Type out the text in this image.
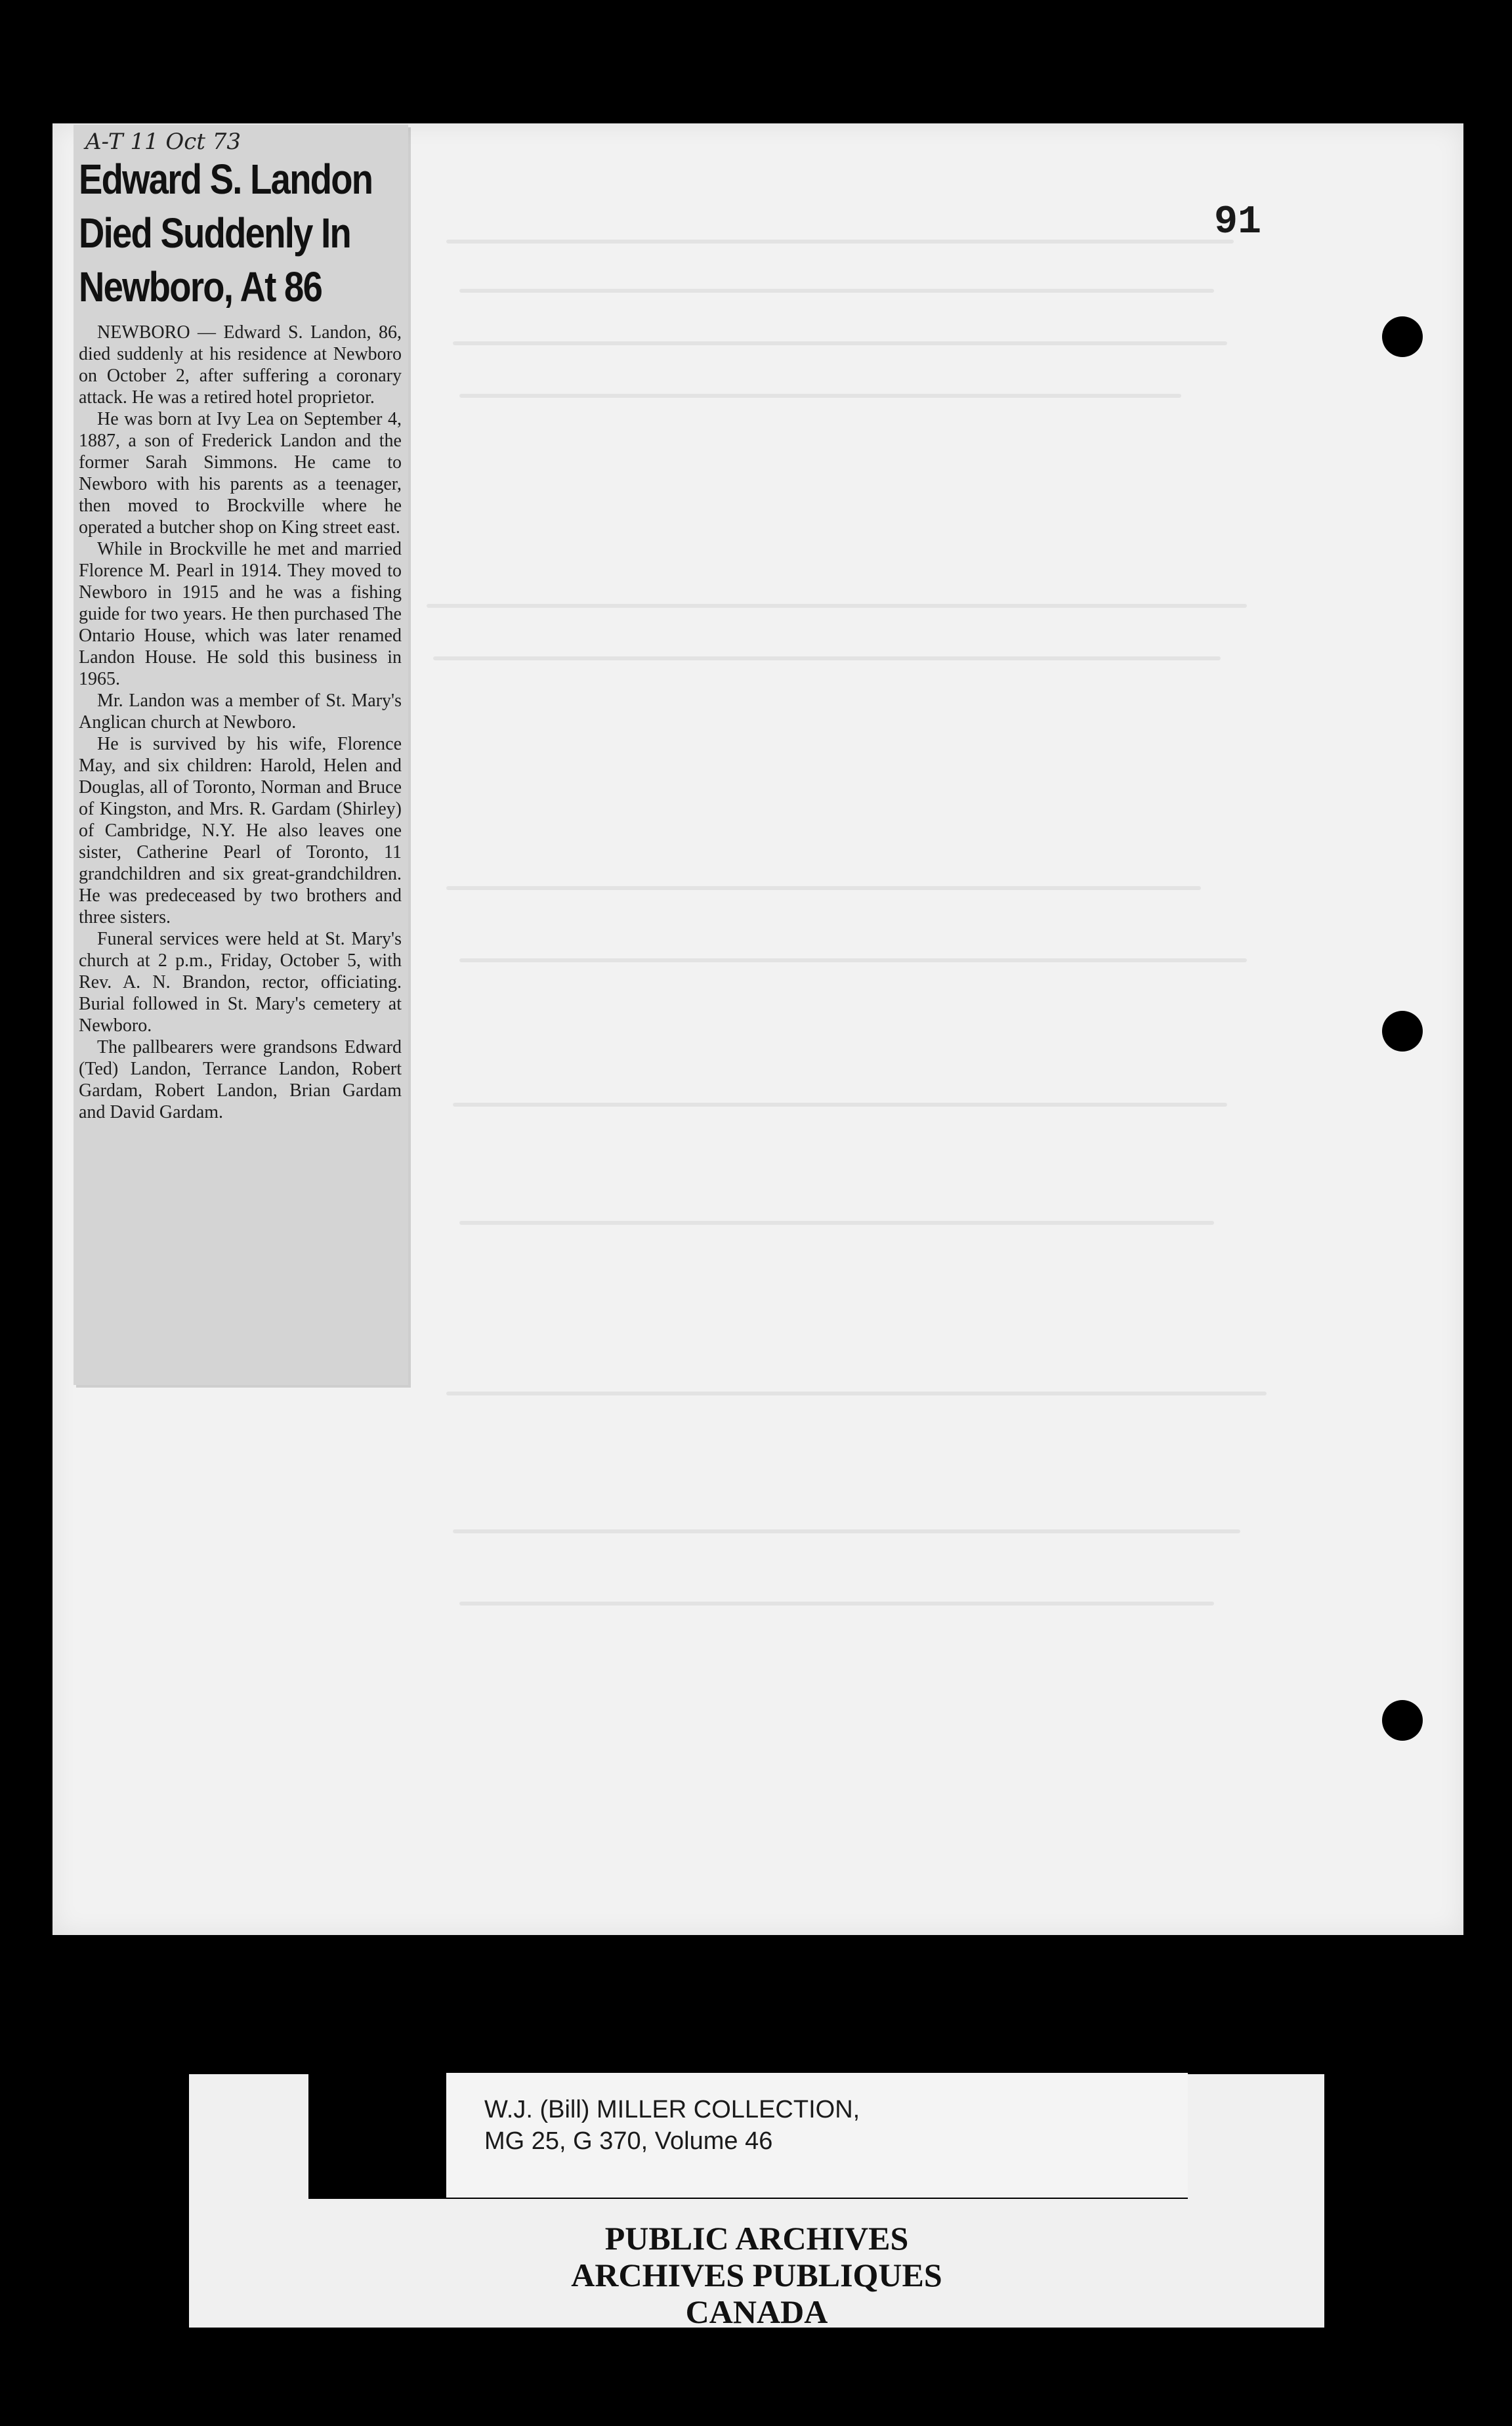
91
A-T 11 Oct 73
Edward S. Landon
Died Suddenly In
Newboro, At 86

NEWBORO — Edward S. Landon, 86, died suddenly at his residence at Newboro on October 2, after suffering a coronary attack. He was a retired hotel proprietor.

He was born at Ivy Lea on September 4, 1887, a son of Frederick Landon and the former Sarah Simmons. He came to Newboro with his parents as a teenager, then moved to Brockville where he operated a butcher shop on King street east.

While in Brockville he met and married Florence M. Pearl in 1914. They moved to Newboro in 1915 and he was a fishing guide for two years. He then purchased The Ontario House, which was later renamed Landon House. He sold this business in 1965.

Mr. Landon was a member of St. Mary's Anglican church at Newboro.

He is survived by his wife, Florence May, and six children: Harold, Helen and Douglas, all of Toronto, Norman and Bruce of Kingston, and Mrs. R. Gardam (Shirley) of Cambridge, N.Y. He also leaves one sister, Catherine Pearl of Toronto, 11 grandchildren and six great-grandchildren. He was predeceased by two brothers and three sisters.

Funeral services were held at St. Mary's church at 2 p.m., Friday, October 5, with Rev. A. N. Brandon, rector, officiating. Burial followed in St. Mary's cemetery at Newboro.

The pallbearers were grandsons Edward (Ted) Landon, Terrance Landon, Robert Gardam, Robert Landon, Brian Gardam and David Gardam.

W.J. (Bill) MILLER COLLECTION,
MG 25, G 370, Volume 46
PUBLIC ARCHIVES
ARCHIVES PUBLIQUES
CANADA
